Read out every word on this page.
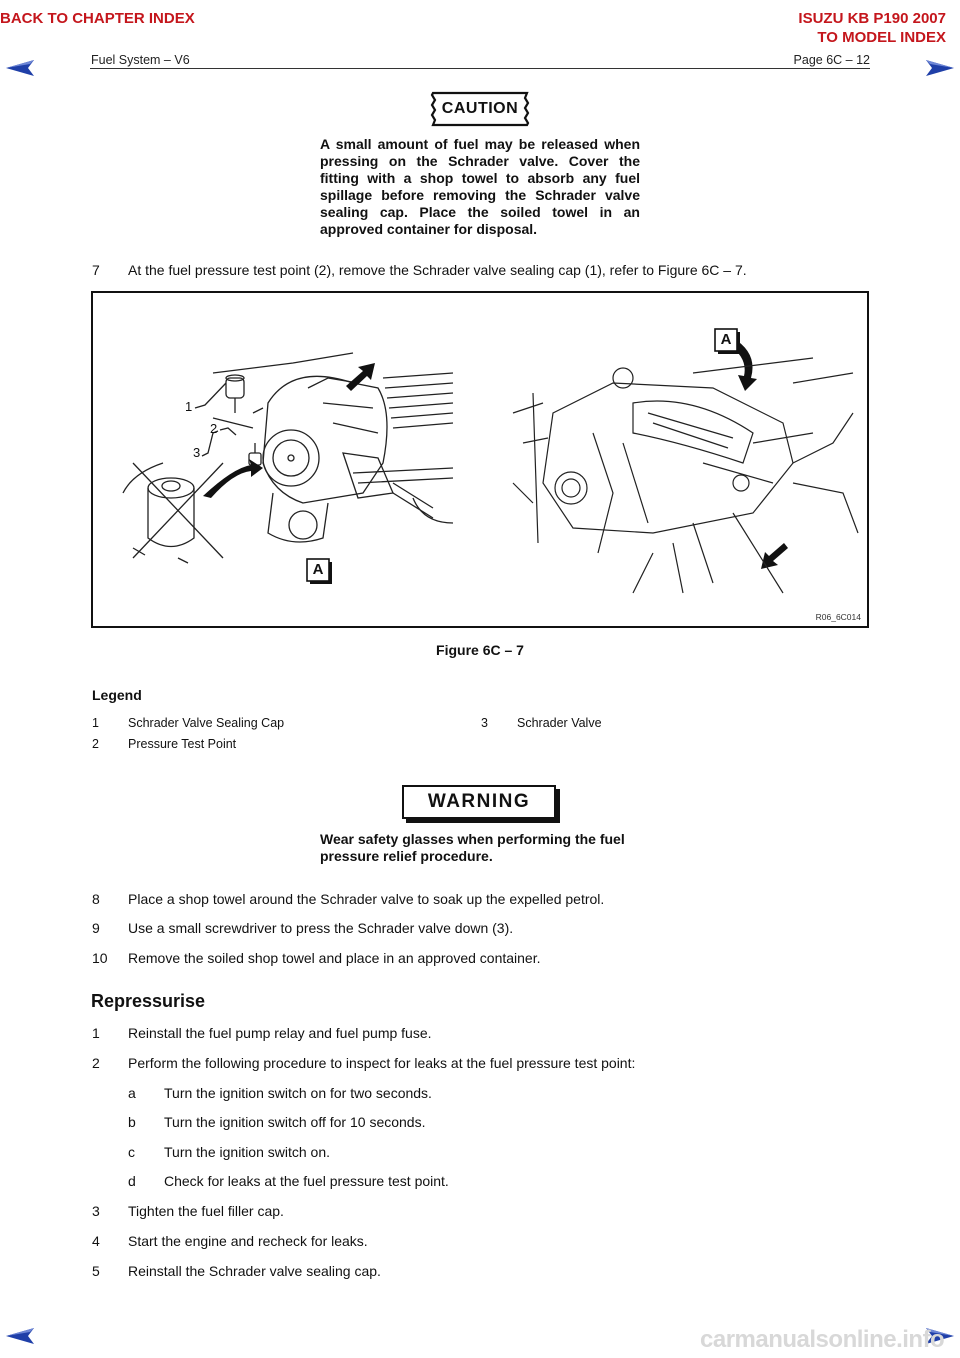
BACK TO CHAPTER INDEX	ISUZU KB P190 2007
TO MODEL INDEX
Fuel System – V6	Page 6C – 12
CAUTION
A small amount of fuel may be released when pressing on the Schrader valve. Cover the fitting with a shop towel to absorb any fuel spillage before removing the Schrader valve sealing cap. Place the soiled towel in an approved container for disposal.
7 At the fuel pressure test point (2), remove the Schrader valve sealing cap (1), refer to Figure 6C – 7.
A
A
1
2
3
R06_6C014
Figure 6C – 7
Legend
1 Schrader Valve Sealing Cap
2 Pressure Test Point
3 Schrader Valve
WARNING
Wear safety glasses when performing the fuel pressure relief procedure.
8 Place a shop towel around the Schrader valve to soak up the expelled petrol.
9 Use a small screwdriver to press the Schrader valve down (3).
10 Remove the soiled shop towel and place in an approved container.
Repressurise
1 Reinstall the fuel pump relay and fuel pump fuse.
2 Perform the following procedure to inspect for leaks at the fuel pressure test point:
a Turn the ignition switch on for two seconds.
b Turn the ignition switch off for 10 seconds.
c Turn the ignition switch on.
d Check for leaks at the fuel pressure test point.
3 Tighten the fuel filler cap.
4 Start the engine and recheck for leaks.
5 Reinstall the Schrader valve sealing cap.
carmanualsonline.info
